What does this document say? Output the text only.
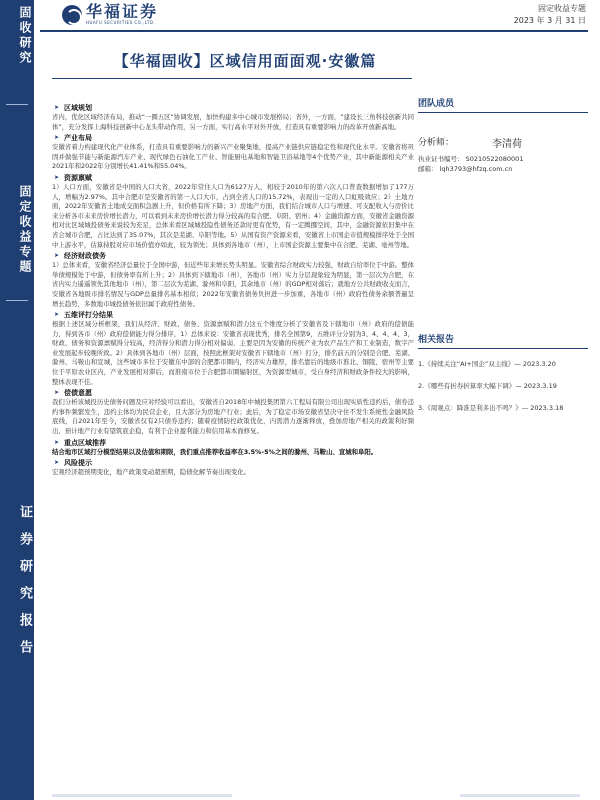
固收研究
固定收益专题
证券研究报告
华福证券
HUAFU SECURITIES CO.,LTD.
固定收益专题
2023 年 3 月 31 日
【华福固收】区域信用面面观·安徽篇
➤ 区域规划
省内，优化区域经济布局，推动“一圈五区”协调发展，加快构建多中心城市发展格局；省外，一方面，“建设长三角科技创新共同体”，充分发挥上海科技创新中心龙头带动作用，另一方面，实行高水平对外开放，打造具有重要影响力的改革开放新高地。
➤ 产业布局
安徽省着力构建现代化产业体系，打造具有重要影响力的新兴产业聚集地，提高产业链供应链稳定性和现代化水平。安徽省将巩固并做强节能与新能源汽车产业、现代绿色石油化工产业、智能厨电基地和智能卫浴基地等4个优势产业，其中新能源相关产业2021年和2022年分别增长41.41%和55.04%。
➤ 资源禀赋
1）人口方面，安徽省是中国的人口大省，2022年常住人口为6127万人，相较于2010年的第六次人口普查数据增加了177万人，增幅为2.97%。其中合肥市是安徽省的第一人口大市，占到全省人口的15.72%，表现出一定的人口虹吸效应；2）土地方面，2022年安徽省土地成交面积急剧上升，但价格有所下降；3）房地产方面，我们结合城市人口与增速、可支配收入与房价比来分析各市未来房价增长潜力，可以看到未来房价增长潜力得分较高的有合肥、阜阳、宿州；4）金融资源方面，安徽省金融资源相对比区域城投债务来说较为充足，总体来看区域城投隐性债务还款时更有优势，有一定腾挪空间，其中，金融资源依旧集中在省会城市合肥，占比达到了35.07%，其次是芜湖、阜阳等地。5）从国有资产资源来看，安徽省上市国企市值规模排序处于全国中上游水平，估算持股对应市场价值亦如此，较为领先；具体到各地市（州），上市国企资源主要集中在合肥、芜湖、亳州等地。
➤ 经济财政债务
1）总体来看，安徽省经济总量位于全国中游，但近些年来增长势头明显。安徽省综合财政实力较强，财政自给率位于中游。整体举债规模处于中游，但债务率有所上升；2）具体到下辖地市（州），各地市（州）实力分层现象较为明显，第一层次为合肥，在省内实力遥遥领先其他地市（州），第二层次为芜湖、滁州和阜阳，其余地市（州）的GDP相对落后；就地方公共财政收支而言，安徽省各地级市排名情况与GDP总量排名基本相似；2022年安徽省债务负担进一步加重，各地市（州）政府性债务余额普遍呈增长趋势，多数地市城投债务依旧属于政府性债务。
➤ 五维评打分结果
根据上述区域分析框架，我们从经济、财政、债务、资源禀赋和潜力这五个维度分析了安徽省及下辖地市（州）政府的偿债能力，得到各市（州）政府偿债能力得分排序，1）总体来说：安徽省表现优秀，排名全国第9，五维评分分别为3、4、4、4、3，财政、债务和资源禀赋得分较高，经济得分和潜力得分相对偏弱，主要是因为安徽的传统产业为农产品生产和工业制造，数字产业发展起步较晚所致。2）具体到各地市（州）层面，按照此框架对安徽省下辖地市（州）打分，排名前五的分别是合肥、芜湖、滁州、马鞍山和宣城，这些城市多位于安徽东中部的合肥都市圈内，经济实力雄厚，排名靠后的地级市淮北、铜陵、宿州等主要位于平原农业区内，产业发展相对滞后，而淮南市位于合肥都市圈辐射区，为资源型城市，受自身经济和财政条件较大的影响，整体表现不佳。
➤ 偿债意愿
我们分析该城投历史债务问题及应对经验可以看出，安徽省自2018年中城投集团第六工程局有限公司出现实质性违约后，债券违约事件频繁发生，违约主体均为民营企业，且大部分为房地产行业；此后，为了稳定市场安徽省坚决守住不发生系统性金融风险底线，自2021年至今，安徽省仅有2只债券违约；随着疫情防控政策优化，内需潜力逐渐释放，叠加房地产相关的政策利好频出，预计地产行业有望筑底企稳，有利于企业盈利能力和信用基本面修复。
➤ 重点区域推荐
结合地市区域打分模型结果以及估值和期限，我们重点推荐收益率在3.5%-5%之间的滁州、马鞍山、宣城和阜阳。
➤ 风险提示
宏观经济超预期变化，地产政策变动超预期，隐债化解节奏出现变化。
团队成员
分析师：	李清荷
执业证书编号： S0210522080001
邮箱： lqh3793@hfzq.com.cn
相关报告
1.《持续关注“AI+国企”双主线》— 2023.3.20
2.《哪些有折券折算率大幅下调》— 2023.3.19
3.《周观点：降准是利多出不鸣？》— 2023.3.18
